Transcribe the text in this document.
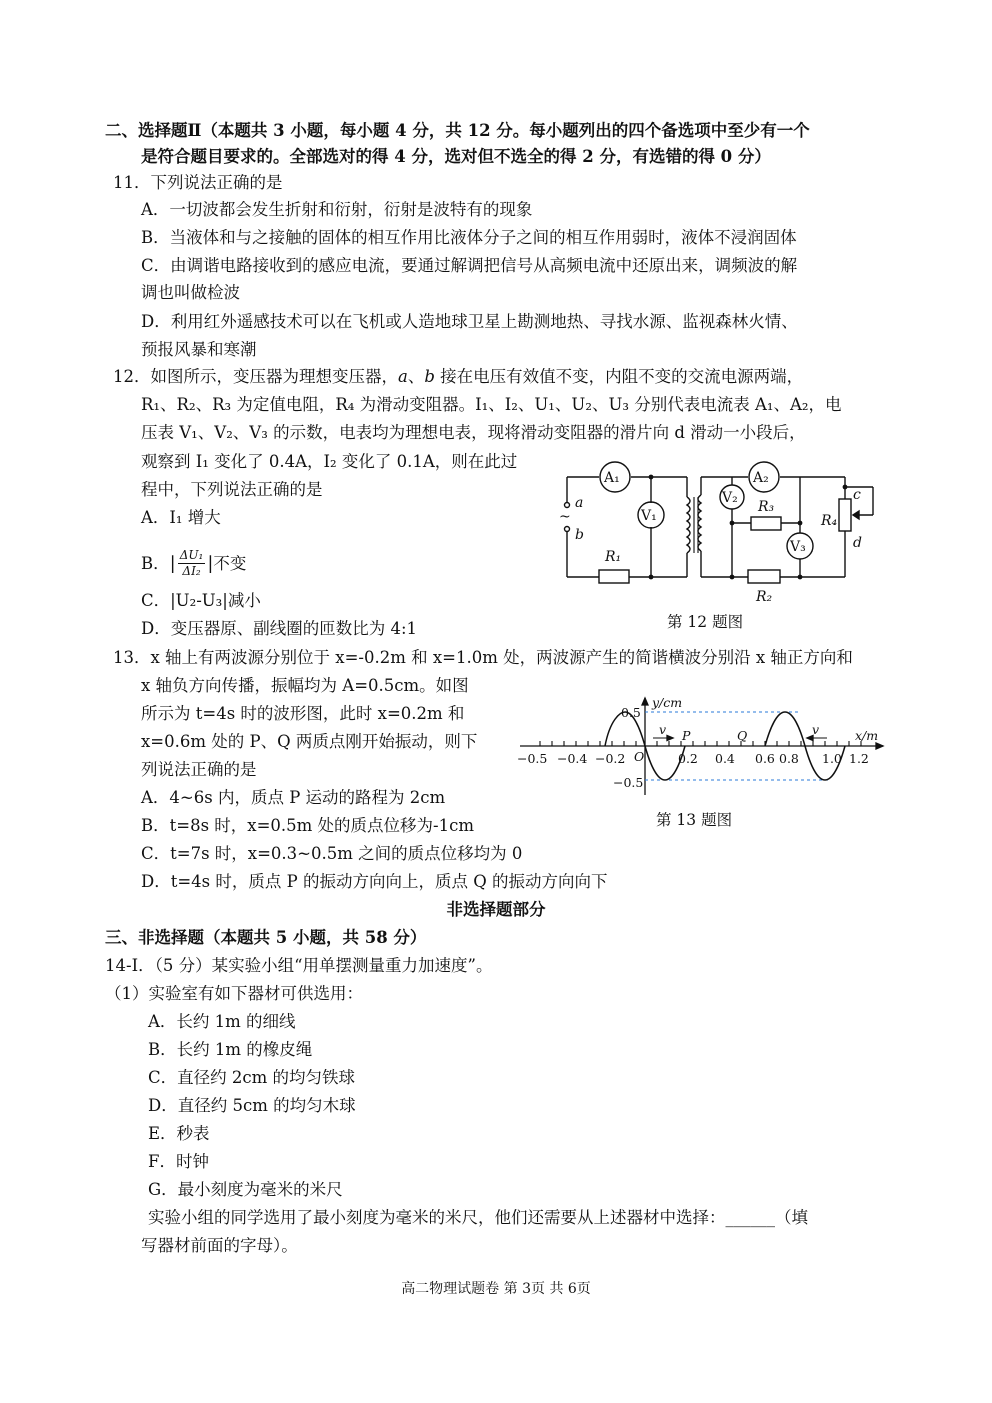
二、选择题Ⅱ（本题共 3 小题，每小题 4 分，共 12 分。每小题列出的四个备选项中至少有一个
是符合题目要求的。全部选对的得 4 分，选对但不选全的得 2 分，有选错的得 0 分）
11．下列说法正确的是
A．一切波都会发生折射和衍射，衍射是波特有的现象
B．当液体和与之接触的固体的相互作用比液体分子之间的相互作用弱时，液体不浸润固体
C．由调谐电路接收到的感应电流，要通过解调把信号从高频电流中还原出来，调频波的解
调也叫做检波
D．利用红外遥感技术可以在飞机或人造地球卫星上勘测地热、寻找水源、监视森林火情、
预报风暴和寒潮
12．如图所示，变压器为理想变压器，a、b 接在电压有效值不变，内阻不变的交流电源两端，
R₁、R₂、R₃ 为定值电阻，R₄ 为滑动变阻器。I₁、I₂、U₁、U₂、U₃ 分别代表电流表 A₁、A₂，电
压表 V₁、V₂、V₃ 的示数，电表均为理想电表，现将滑动变阻器的滑片向 d 滑动一小段后，
观察到 I₁ 变化了 0.4A，I₂ 变化了 0.1A，则在此过
程中，下列说法正确的是
A．I₁ 增大
B． | ΔU₁
ΔI₂ | 不变
C．|U₂-U₃|减小
D．变压器原、副线圈的匝数比为 4:1
A₁	A₂
V₁
V₂
V₃
R₁
R₂
R₃
R₄
a
b
~
c
d
第 12 题图
13．x 轴上有两波源分别位于 x=-0.2m 和 x=1.0m 处，两波源产生的简谐横波分别沿 x 轴正方向和
x 轴负方向传播，振幅均为 A=0.5cm。如图
所示为 t=4s 时的波形图，此时 x=0.2m 和
x=0.6m 处的 P、Q 两质点刚开始振动，则下
列说法正确的是
A．4~6s 内，质点 P 运动的路程为 2cm
B．t=8s 时，x=0.5m 处的质点位移为-1cm
C．t=7s 时，x=0.3~0.5m 之间的质点位移均为 0
D．t=4s 时，质点 P 的振动方向向上，质点 Q 的振动方向向下
y/cm
x/m
0.5
−0.5
O
v	v
P	Q
−0.5 −0.4 −0.2	0.2 0.4 0.6 0.8 1.0 1.2
第 13 题图
非选择题部分
三、非选择题（本题共 5 小题，共 58 分）
14-Ⅰ．（5 分）某实验小组“用单摆测量重力加速度”。
（1）实验室有如下器材可供选用：
A．长约 1m 的细线
B．长约 1m 的橡皮绳
C．直径约 2cm 的均匀铁球
D．直径约 5cm 的均匀木球
E．秒表
F．时钟
G．最小刻度为毫米的米尺
实验小组的同学选用了最小刻度为毫米的米尺，他们还需要从上述器材中选择：______（填
写器材前面的字母）。
高二物理试题卷 第 3页 共 6页
